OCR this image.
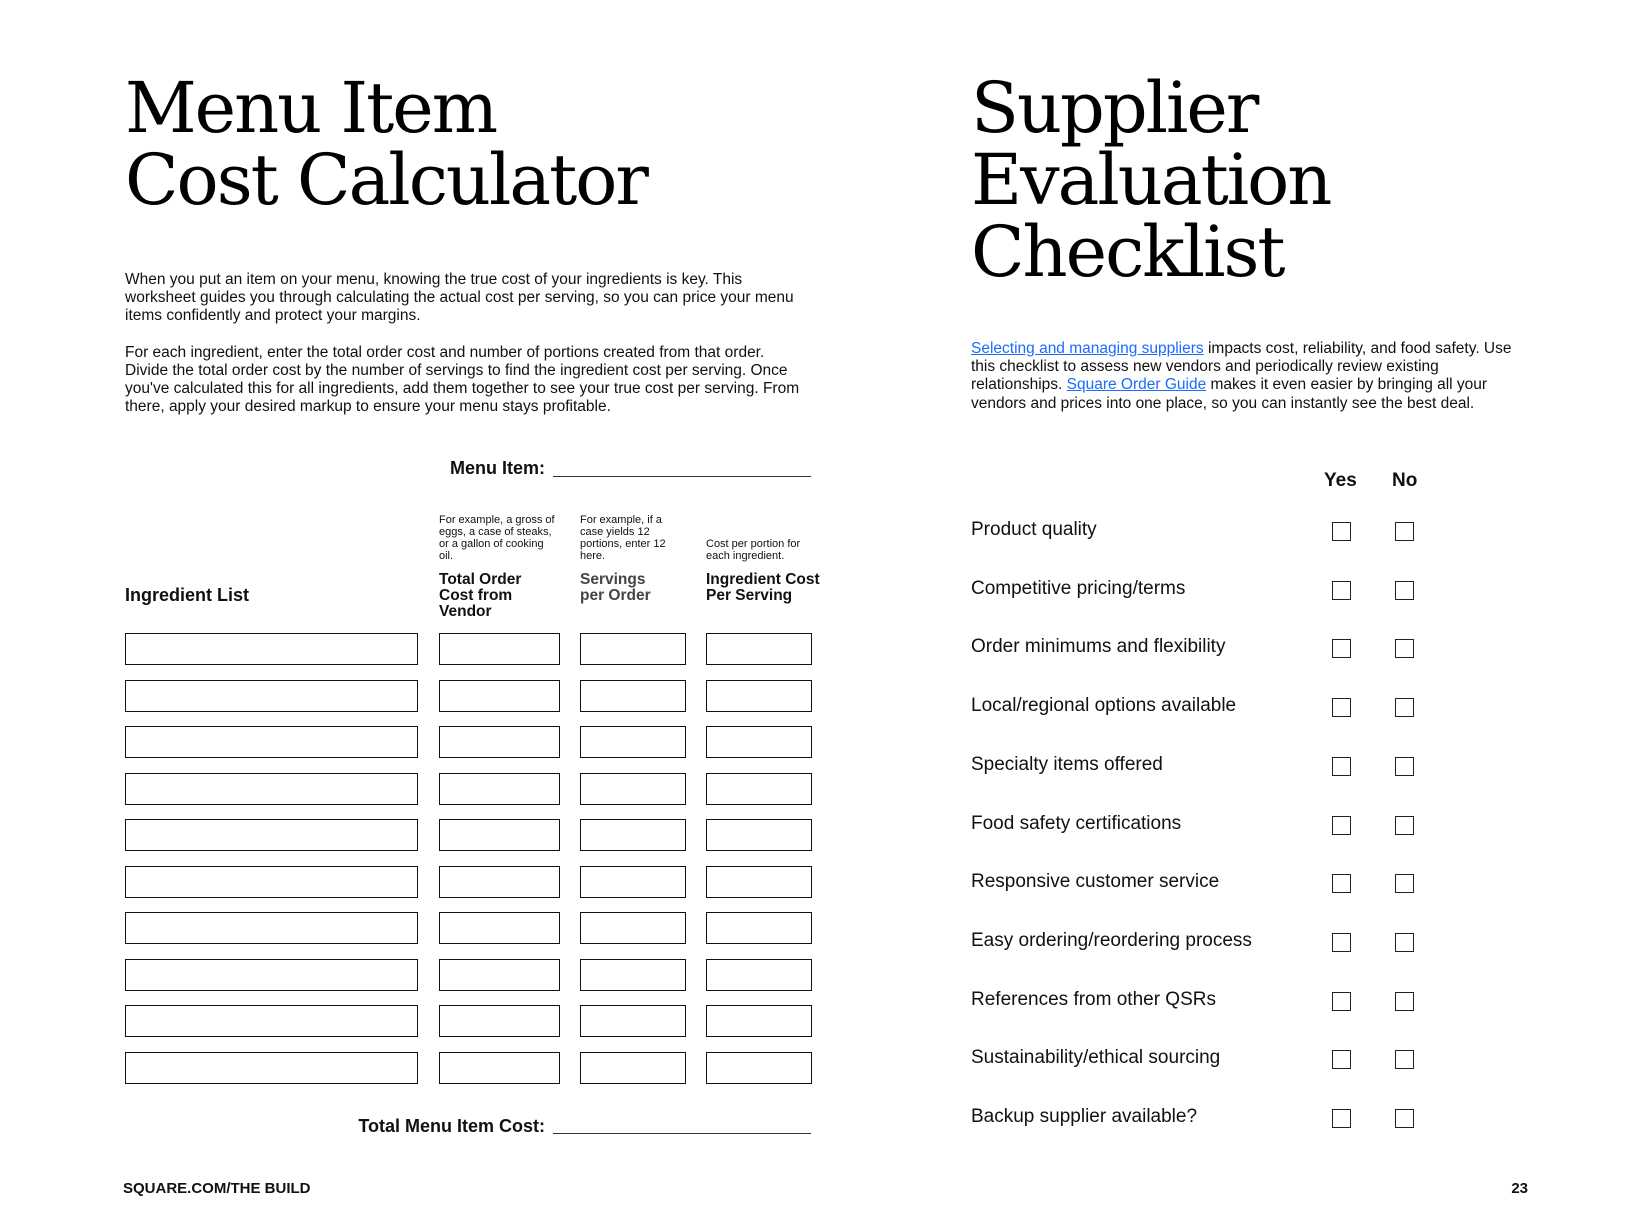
Menu Item
Cost Calculator

When you put an item on your menu, knowing the true cost of your ingredients is key. This worksheet guides you through calculating the actual cost per serving, so you can price your menu items confidently and protect your margins.

For each ingredient, enter the total order cost and number of portions created from that order. Divide the total order cost by the number of servings to find the ingredient cost per serving. Once you've calculated this for all ingredients, add them together to see your true cost per serving. From there, apply your desired markup to ensure your menu stays profitable.

Menu Item:
Ingredient List
For example, a gross of eggs, a case of steaks, or a gallon of cooking oil.
Total Order Cost from Vendor
For example, if a case yields 12 portions, enter 12 here.
Servings per Order
Cost per portion for each ingredient.
Ingredient Cost Per Serving
Total Menu Item Cost:
SQUARE.COM/THE BUILD	23
Supplier
Evaluation
Checklist
Selecting and managing suppliers impacts cost, reliability, and food safety. Use this checklist to assess new vendors and periodically review existing relationships. Square Order Guide makes it even easier by bringing all your vendors and prices into one place, so you can instantly see the best deal.
Yes No
Product quality
Competitive pricing/terms
Order minimums and flexibility
Local/regional options available
Specialty items offered
Food safety certifications
Responsive customer service
Easy ordering/reordering process
References from other QSRs
Sustainability/ethical sourcing
Backup supplier available?
